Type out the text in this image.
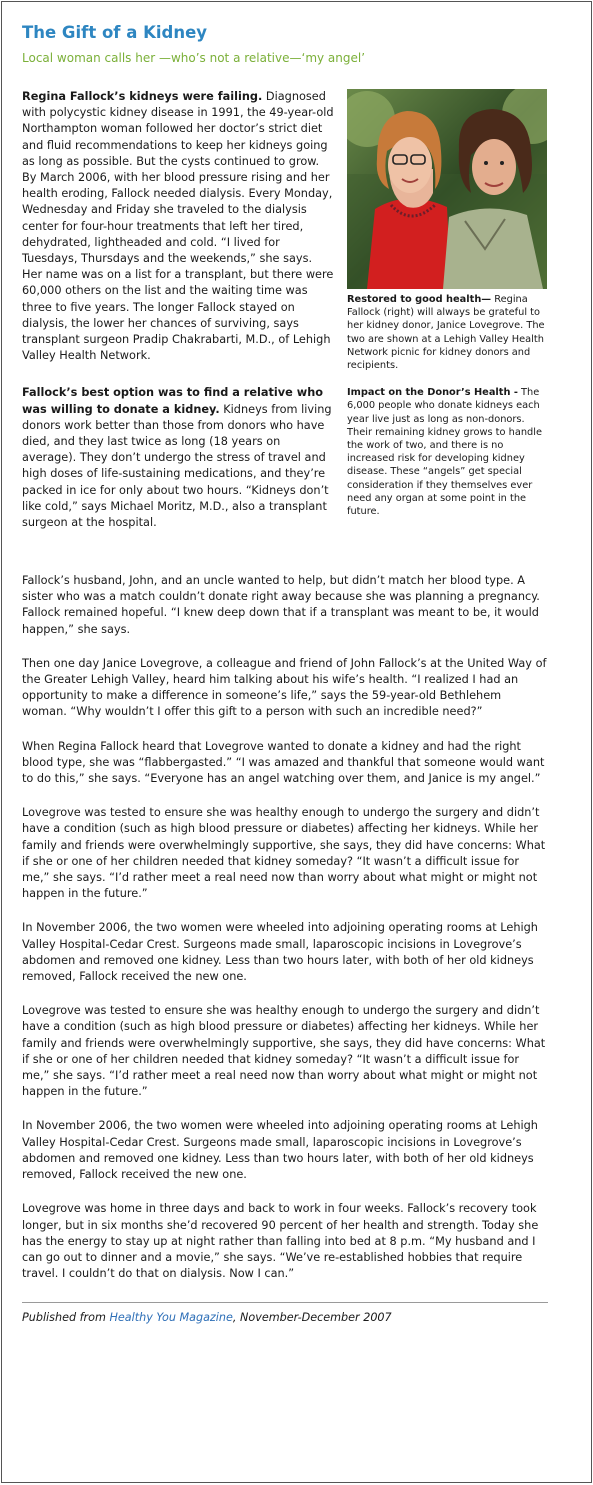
The Gift of a Kidney
Local woman calls her —who’s not a relative—‘my angel’

Regina Fallock’s kidneys were failing. Diagnosed with polycystic kidney disease in 1991, the 49-year-old Northampton woman followed her doctor’s strict diet and fluid recommendations to keep her kidneys going as long as possible. But the cysts continued to grow. By March 2006, with her blood pressure rising and her health eroding, Fallock needed dialysis. Every Monday, Wednesday and Friday she traveled to the dialysis center for four-hour treatments that left her tired, dehydrated, lightheaded and cold. “I lived for Tuesdays, Thursdays and the weekends,” she says. Her name was on a list for a transplant, but there were 60,000 others on the list and the waiting time was three to five years. The longer Fallock stayed on dialysis, the lower her chances of surviving, says transplant surgeon Pradip Chakrabarti, M.D., of Lehigh Valley Health Network.

Fallock’s best option was to find a relative who was willing to donate a kidney. Kidneys from living donors work better than those from donors who have died, and they last twice as long (18 years on average). They don’t undergo the stress of travel and high doses of life-sustaining medications, and they’re packed in ice for only about two hours. “Kidneys don’t like cold,” says Michael Moritz, M.D., also a transplant surgeon at the hospital.

Restored to good health— Regina Fallock (right) will always be grateful to her kidney donor, Janice Lovegrove. The two are shown at a Lehigh Valley Health Network picnic for kidney donors and recipients.

Impact on the Donor’s Health - The 6,000 people who donate kidneys each year live just as long as non-donors. Their remaining kidney grows to handle the work of two, and there is no increased risk for developing kidney disease. These “angels” get special consideration if they themselves ever need any organ at some point in the future.

Fallock’s husband, John, and an uncle wanted to help, but didn’t match her blood type. A sister who was a match couldn’t donate right away because she was planning a pregnancy. Fallock remained hopeful. “I knew deep down that if a transplant was meant to be, it would happen,” she says.

Then one day Janice Lovegrove, a colleague and friend of John Fallock’s at the United Way of the Greater Lehigh Valley, heard him talking about his wife’s health. “I realized I had an opportunity to make a difference in someone’s life,” says the 59-year-old Bethlehem woman. “Why wouldn’t I offer this gift to a person with such an incredible need?”

When Regina Fallock heard that Lovegrove wanted to donate a kidney and had the right blood type, she was “flabbergasted.” “I was amazed and thankful that someone would want to do this,” she says. “Everyone has an angel watching over them, and Janice is my angel.”

Lovegrove was tested to ensure she was healthy enough to undergo the surgery and didn’t have a condition (such as high blood pressure or diabetes) affecting her kidneys. While her family and friends were overwhelmingly supportive, she says, they did have concerns: What if she or one of her children needed that kidney someday? “It wasn’t a difficult issue for me,” she says. “I’d rather meet a real need now than worry about what might or might not happen in the future.”

In November 2006, the two women were wheeled into adjoining operating rooms at Lehigh Valley Hospital-Cedar Crest. Surgeons made small, laparoscopic incisions in Lovegrove’s abdomen and removed one kidney. Less than two hours later, with both of her old kidneys removed, Fallock received the new one.

Lovegrove was tested to ensure she was healthy enough to undergo the surgery and didn’t have a condition (such as high blood pressure or diabetes) affecting her kidneys. While her family and friends were overwhelmingly supportive, she says, they did have concerns: What if she or one of her children needed that kidney someday? “It wasn’t a difficult issue for me,” she says. “I’d rather meet a real need now than worry about what might or might not happen in the future.”

In November 2006, the two women were wheeled into adjoining operating rooms at Lehigh Valley Hospital-Cedar Crest. Surgeons made small, laparoscopic incisions in Lovegrove’s abdomen and removed one kidney. Less than two hours later, with both of her old kidneys removed, Fallock received the new one.

Lovegrove was home in three days and back to work in four weeks. Fallock’s recovery took longer, but in six months she’d recovered 90 percent of her health and strength. Today she has the energy to stay up at night rather than falling into bed at 8 p.m. “My husband and I can go out to dinner and a movie,” she says. “We’ve re-established hobbies that require travel. I couldn’t do that on dialysis. Now I can.”

Published from Healthy You Magazine, November-December 2007
